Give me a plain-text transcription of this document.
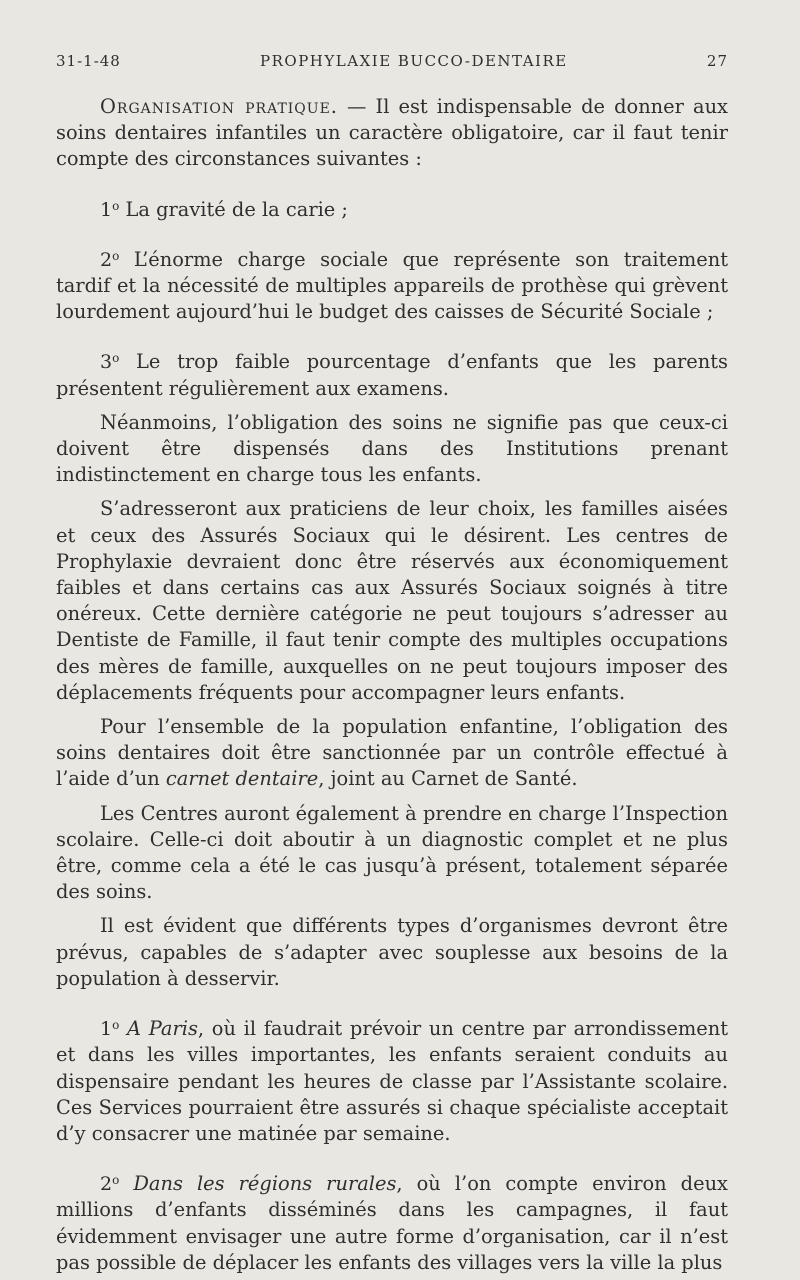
31-1-48	PROPHYLAXIE BUCCO-DENTAIRE	27

Organisation pratique. — Il est indispensable de donner aux soins dentaires infantiles un caractère obligatoire, car il faut tenir compte des circonstances suivantes :

1$^o$ La gravité de la carie ;

2$^o$ L’énorme charge sociale que représente son traitement tardif et la nécessité de multiples appareils de prothèse qui grèvent lourdement aujourd’hui le budget des caisses de Sécurité Sociale ;

3$^o$ Le trop faible pourcentage d’enfants que les parents présentent régulièrement aux examens.

Néanmoins, l’obligation des soins ne signifie pas que ceux-ci doivent être dispensés dans des Institutions prenant indistinctement en charge tous les enfants.

S’adresseront aux praticiens de leur choix, les familles aisées et ceux des Assurés Sociaux qui le désirent. Les centres de Prophylaxie devraient donc être réservés aux économiquement faibles et dans certains cas aux Assurés Sociaux soignés à titre onéreux. Cette dernière catégorie ne peut toujours s’adresser au Dentiste de Famille, il faut tenir compte des multiples occupations des mères de famille, auxquelles on ne peut toujours imposer des déplacements fréquents pour accompagner leurs enfants.

Pour l’ensemble de la population enfantine, l’obligation des soins dentaires doit être sanctionnée par un contrôle effectué à l’aide d’un carnet dentaire, joint au Carnet de Santé.

Les Centres auront également à prendre en charge l’Inspection scolaire. Celle-ci doit aboutir à un diagnostic complet et ne plus être, comme cela a été le cas jusqu’à présent, totalement séparée des soins.

Il est évident que différents types d’organismes devront être prévus, capables de s’adapter avec souplesse aux besoins de la population à desservir.

1$^o$ A Paris, où il faudrait prévoir un centre par arrondissement et dans les villes importantes, les enfants seraient conduits au dispensaire pendant les heures de classe par l’Assistante scolaire. Ces Services pourraient être assurés si chaque spécialiste acceptait d’y consacrer une matinée par semaine.

2$^o$ Dans les régions rurales, où l’on compte environ deux millions d’enfants disséminés dans les campagnes, il faut évidemment envisager une autre forme d’organisation, car il n’est pas possible de déplacer les enfants des villages vers la ville la plus
